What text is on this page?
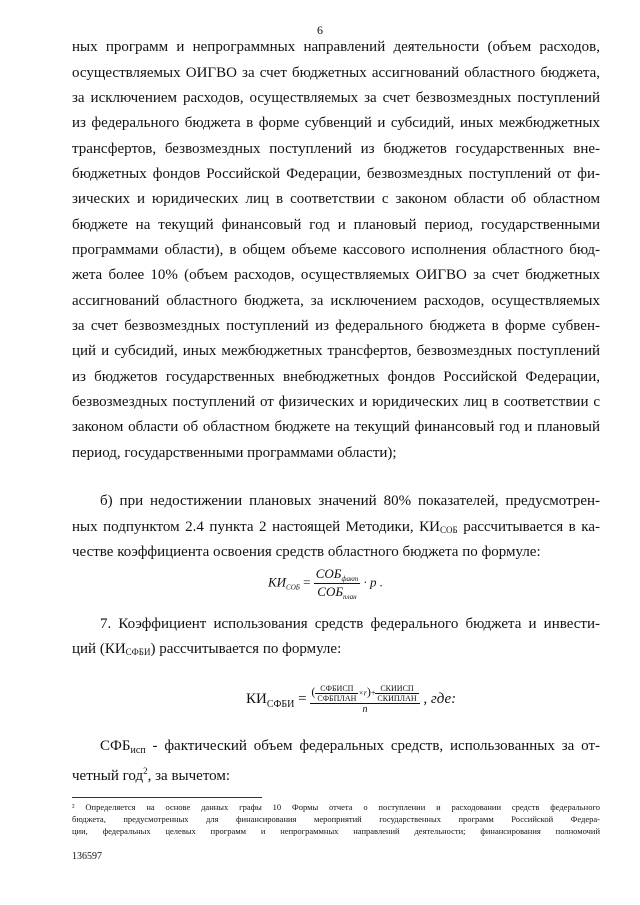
6
ных программ и непрограммных направлений деятельности (объем расходов,
осуществляемых ОИГВО за счет бюджетных ассигнований областного бюджета,
за исключением расходов, осуществляемых за счет безвозмездных поступлений
из федерального бюджета в форме субвенций и субсидий, иных межбюджетных
трансфертов, безвозмездных поступлений из бюджетов государственных вне-
бюджетных фондов Российской Федерации, безвозмездных поступлений от фи-
зических и юридических лиц в соответствии с законом области об областном
бюджете на текущий финансовый год и плановый период, государственными
программами области), в общем объеме кассового исполнения областного бюд-
жета более 10% (объем расходов, осуществляемых ОИГВО за счет бюджетных
ассигнований областного бюджета, за исключением расходов, осуществляемых
за счет безвозмездных поступлений из федерального бюджета в форме субвен-
ций и субсидий, иных межбюджетных трансфертов, безвозмездных поступлений
из бюджетов государственных внебюджетных фондов Российской Федерации,
безвозмездных поступлений от физических и юридических лиц в соответствии с
законом области об областном бюджете на текущий финансовый год и плановый
период, государственными программами области);
б) при недостижении плановых значений 80% показателей, предусмотрен-
ных подпунктом 2.4 пункта 2 настоящей Методики, $КИ_{СОБ}$ рассчитывается в ка-
честве коэффициента освоения средств областного бюджета по формуле:
$КИ_{СОБ} = \frac{СОБ_{факт}}{СОБ_{план}} \cdot p$ .
7. Коэффициент использования средств федерального бюджета и инвести-
ций (КИСФБИ) рассчитывается по формуле:
$КИ_{СФБИ} = \frac{( \frac{\text{СФБИСП}}{\text{СФБПЛАН}} \times r)+ \frac{\text{СКИИСП}}{\text{СКИПЛАН}}}{n}$ , где:
$СФБ_{исп}$ - фактический объем федеральных средств, использованных за от-
четный год$^2$, за вычетом:
² Определяется на основе данных графы 10 Формы отчета о поступлении и расходовании средств федерального
бюджета, предусмотренных для финансирования мероприятий государственных программ Российской Федера-
ции, федеральных целевых программ и непрограммных направлений деятельности; финансирования полномочий
136597
